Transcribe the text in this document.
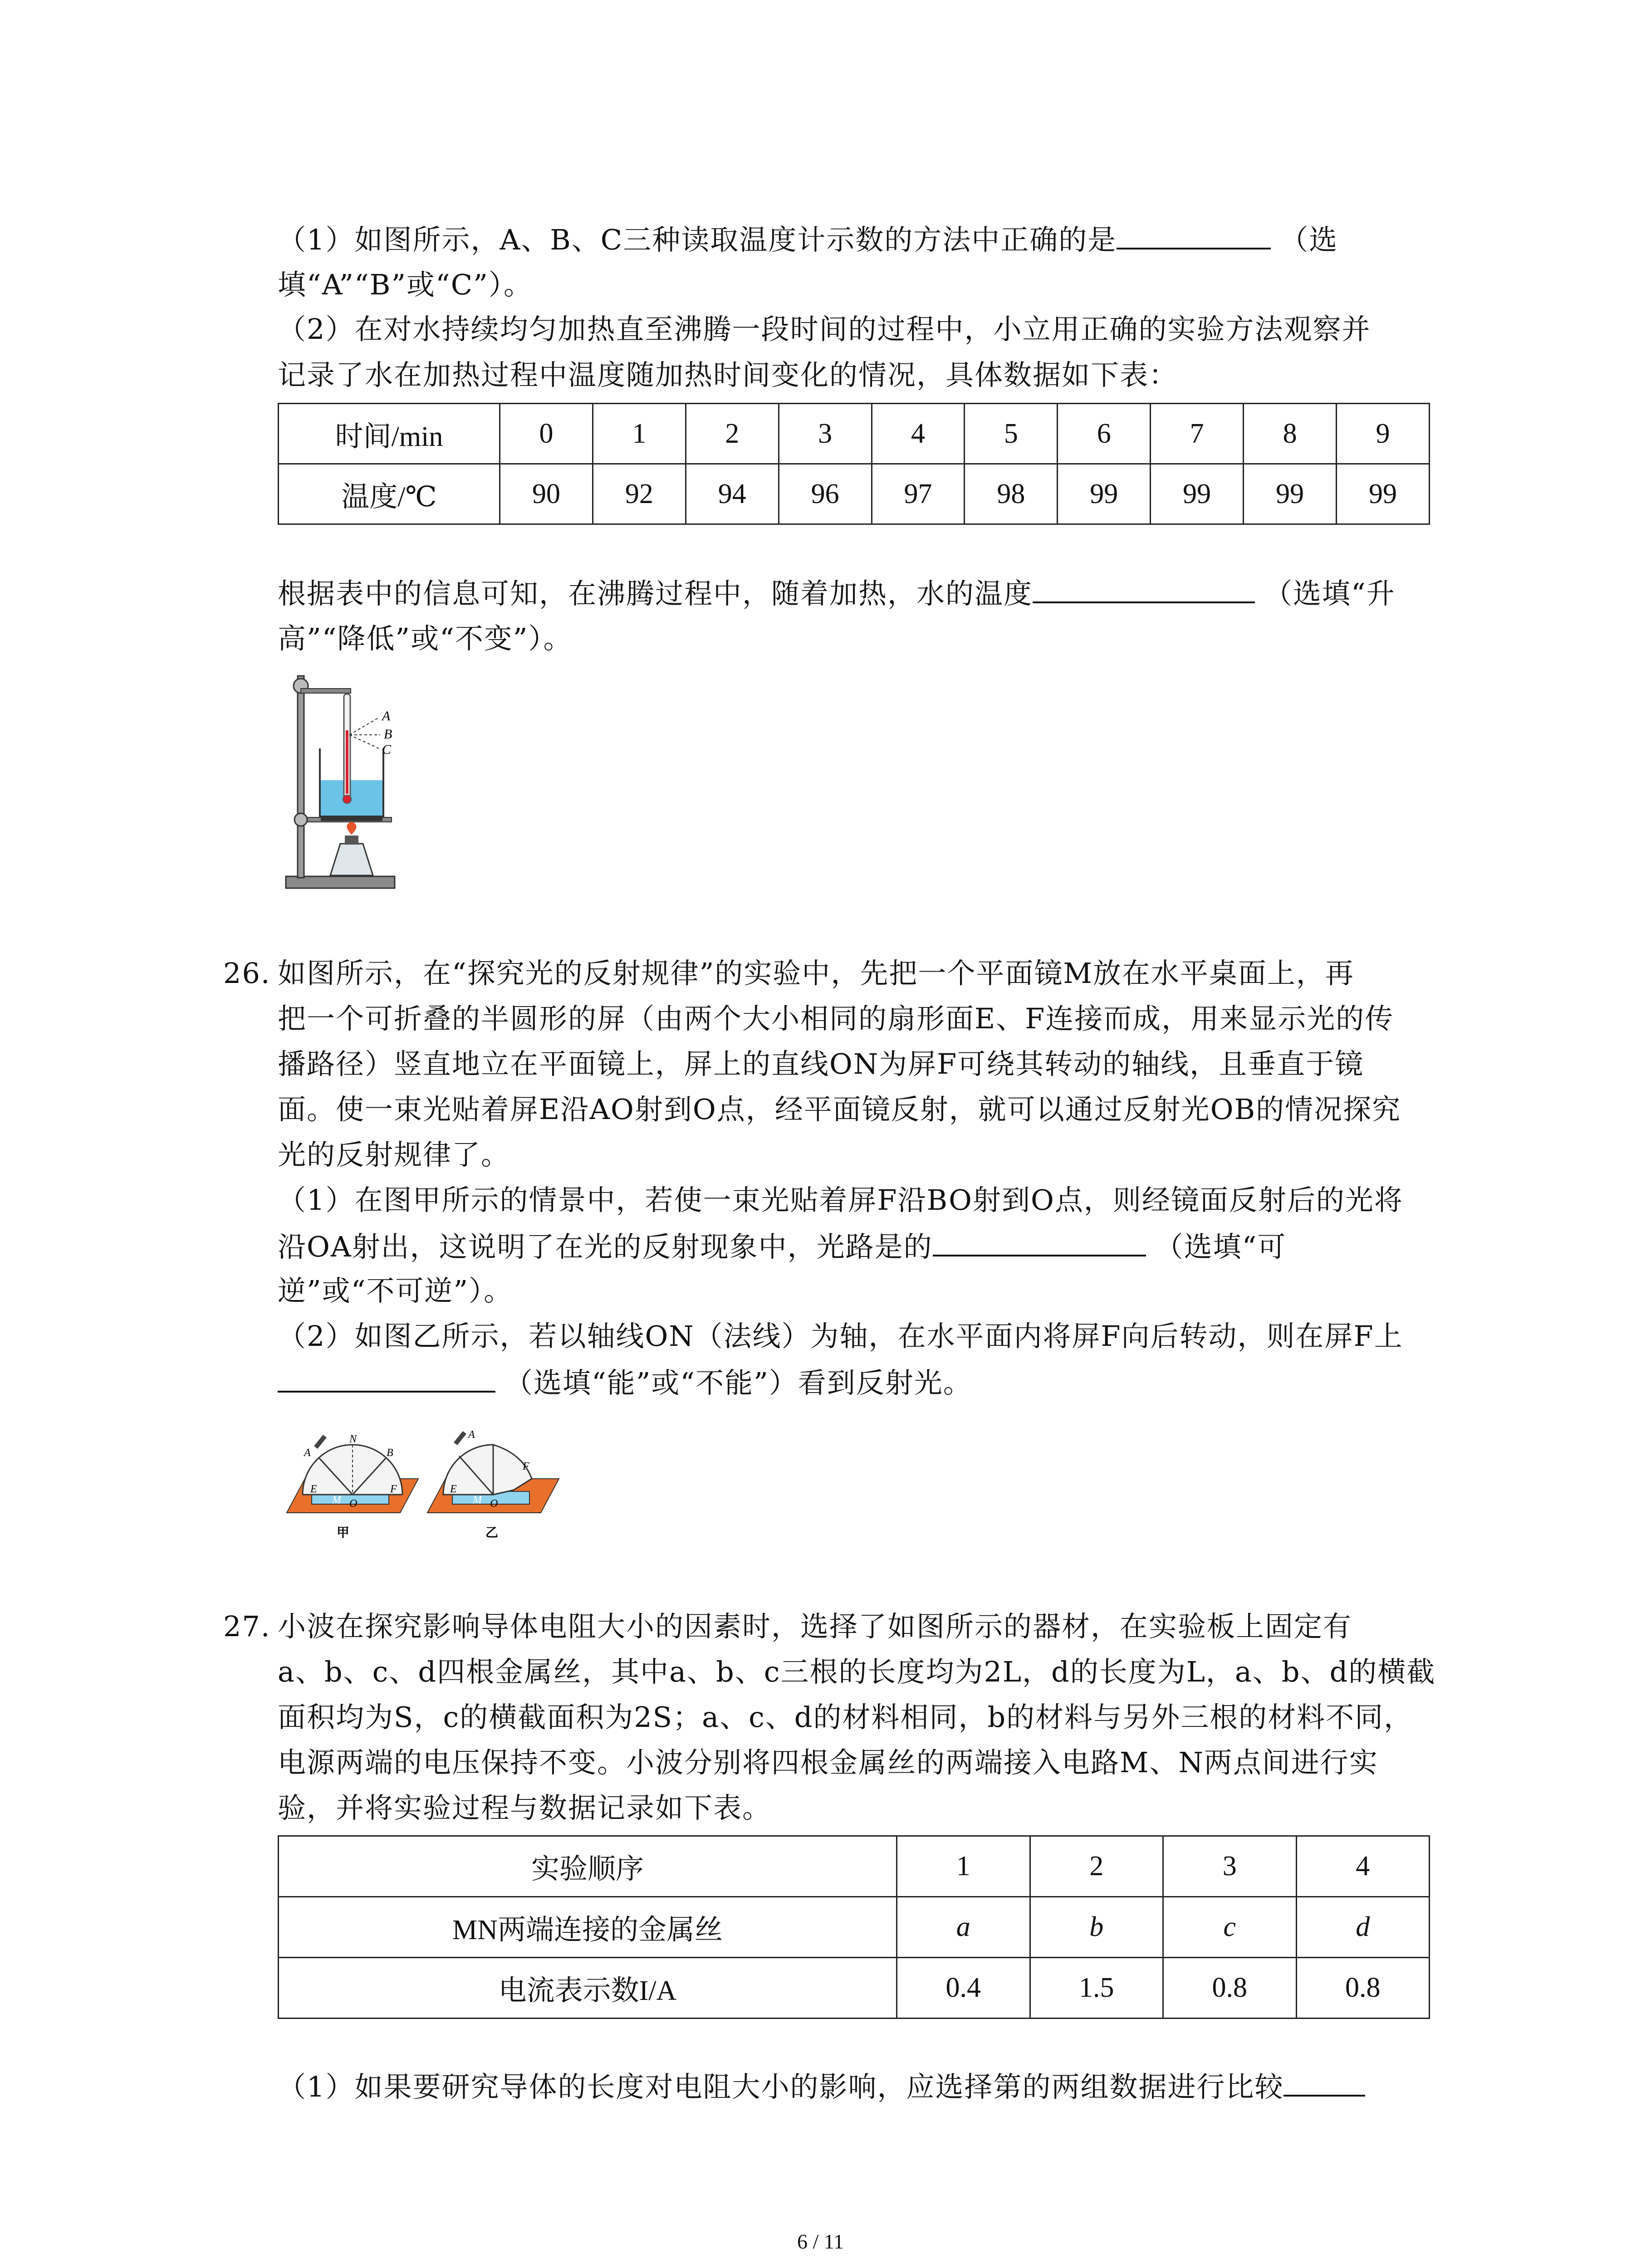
（1）如图所示，A、B、C三种读取温度计示数的方法中正确的是	（选
填“A”“B”或“C”）。
（2）在对水持续均匀加热直至沸腾一段时间的过程中，小立用正确的实验方法观察并
记录了水在加热过程中温度随加热时间变化的情况，具体数据如下表：
时间/min	0	1	2	3	4	5	6	7	8	9
温度/℃	90	92	94	96	97	98	99	99	99	99
根据表中的信息可知，在沸腾过程中，随着加热，水的温度	（选填“升
高”“降低”或“不变”）。
A
B
C
26. 如图所示，在“探究光的反射规律”的实验中，先把一个平面镜M放在水平桌面上，再
把一个可折叠的半圆形的屏（由两个大小相同的扇形面E、F连接而成，用来显示光的传
播路径）竖直地立在平面镜上，屏上的直线ON为屏F可绕其转动的轴线，且垂直于镜
面。使一束光贴着屏E沿AO射到O点，经平面镜反射，就可以通过反射光OB的情况探究
光的反射规律了。
（1）在图甲所示的情景中，若使一束光贴着屏F沿BO射到O点，则经镜面反射后的光将
沿OA射出，这说明了在光的反射现象中，光路是的	（选填“可
逆”或“不可逆”）。
（2）如图乙所示，若以轴线ON（法线）为轴，在水平面内将屏F向后转动，则在屏F上
（选填“能”或“不能”）看到反射光。
A
N
B
E
O
M
F
甲
A
F
E
O
M
乙
27. 小波在探究影响导体电阻大小的因素时，选择了如图所示的器材，在实验板上固定有
a、b、c、d四根金属丝，其中a、b、c三根的长度均为2L，d的长度为L，a、b、d的横截
面积均为S，c的横截面积为2S；a、c、d的材料相同，b的材料与另外三根的材料不同，
电源两端的电压保持不变。小波分别将四根金属丝的两端接入电路M、N两点间进行实
验，并将实验过程与数据记录如下表。
实验顺序	1	2	3	4
MN两端连接的金属丝	a	b	c	d
电流表示数I/A	0.4	1.5	0.8	0.8
（1）如果要研究导体的长度对电阻大小的影响，应选择第的两组数据进行比较
6 / 11
